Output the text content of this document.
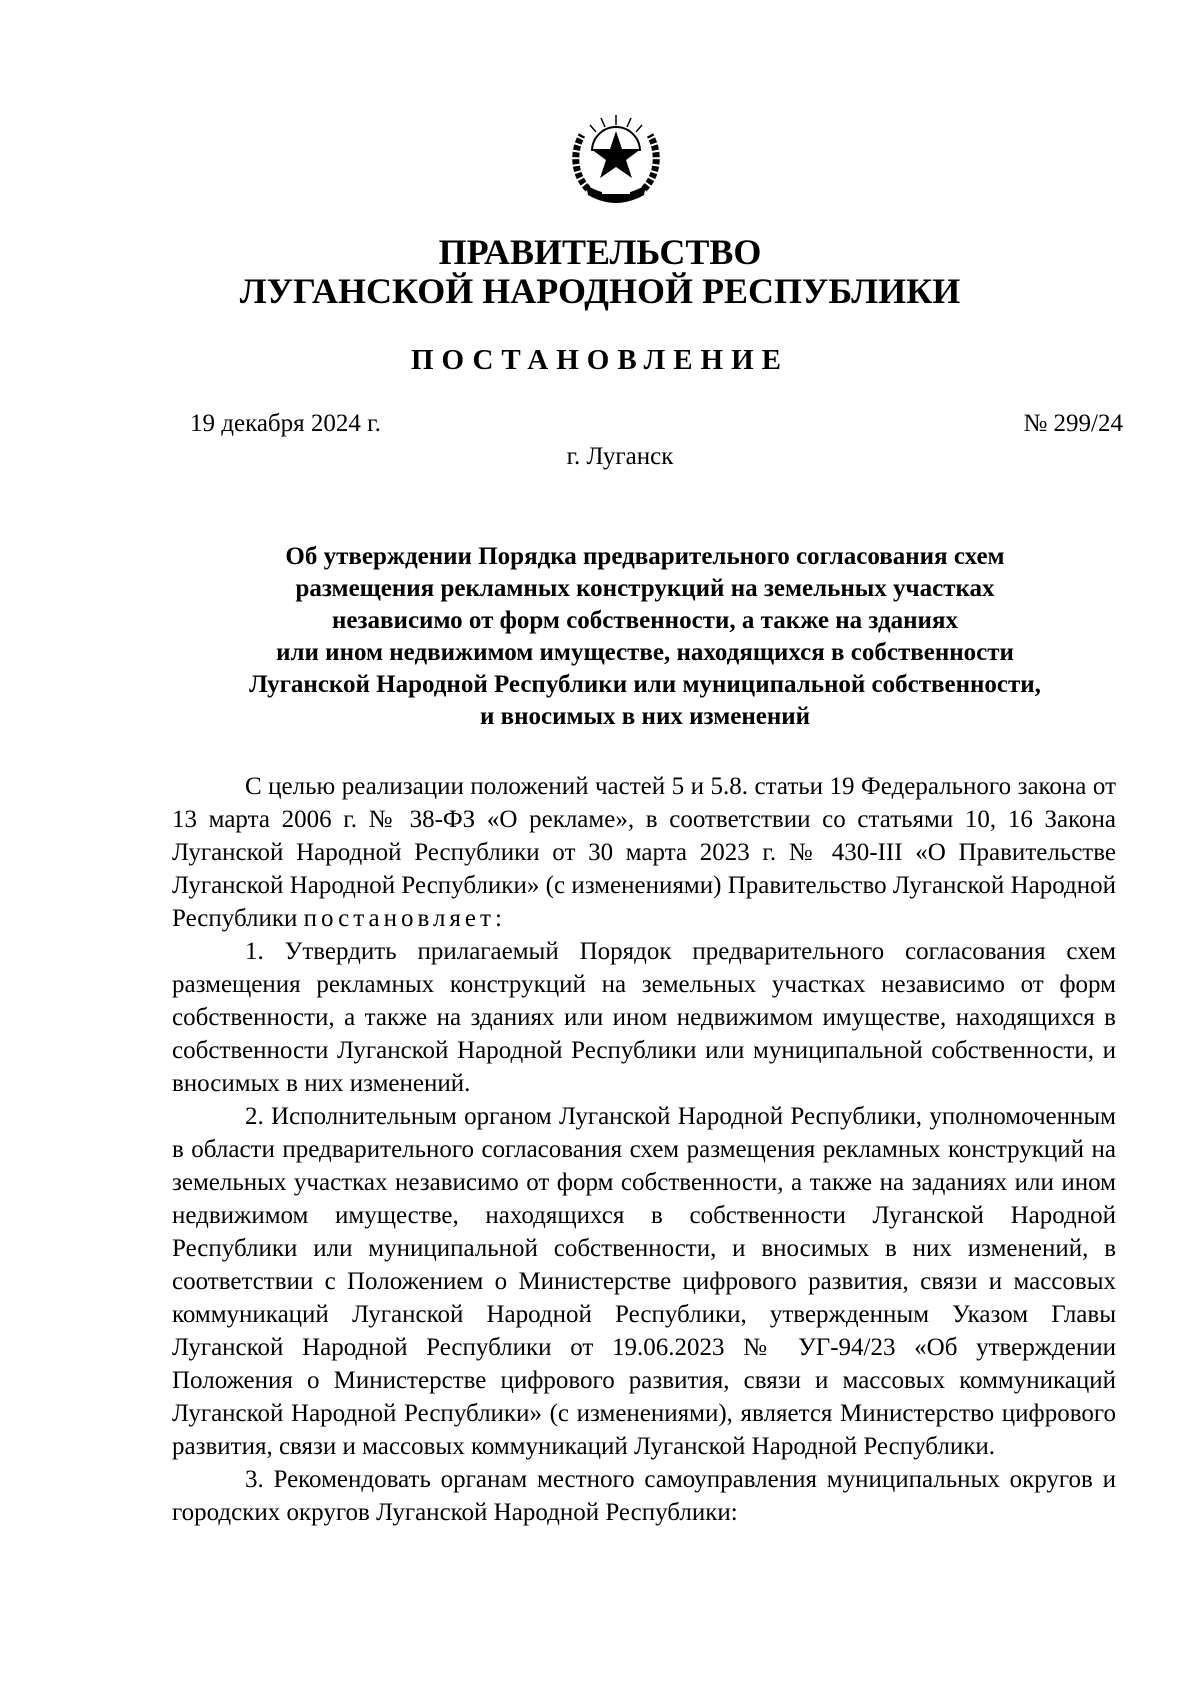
ПРАВИТЕЛЬСТВО
ЛУГАНСКОЙ НАРОДНОЙ РЕСПУБЛИКИ
ПОСТАНОВЛЕНИЕ
19 декабря 2024 г.	№ 299/24
г. Луганск
Об утверждении Порядка предварительного согласования схем
размещения рекламных конструкций на земельных участках
независимо от форм собственности, а также на зданиях
или ином недвижимом имуществе, находящихся в собственности
Луганской Народной Республики или муниципальной собственности,
и вносимых в них изменений

С целью реализации положений частей 5 и 5.8. статьи 19 Федерального закона от 13 марта 2006 г. № 38-ФЗ «О рекламе», в соответствии со статьями 10, 16 Закона Луганской Народной Республики от 30 марта 2023 г. № 430-III «О Правительстве Луганской Народной Республики» (с изменениями) Правительство Луганской Народной Республики постановляет:

1. Утвердить прилагаемый Порядок предварительного согласования схем размещения рекламных конструкций на земельных участках независимо от форм собственности, а также на зданиях или ином недвижимом имуществе, находящихся в собственности Луганской Народной Республики или муниципальной собственности, и вносимых в них изменений.

2. Исполнительным органом Луганской Народной Республики, уполномоченным в области предварительного согласования схем размещения рекламных конструкций на земельных участках независимо от форм собственности, а также на заданиях или ином недвижимом имуществе, находящихся в собственности Луганской Народной Республики или муниципальной собственности, и вносимых в них изменений, в соответствии с Положением о Министерстве цифрового развития, связи и массовых коммуникаций Луганской Народной Республики, утвержденным Указом Главы Луганской Народной Республики от 19.06.2023 № УГ-94/23 «Об утверждении Положения о Министерстве цифрового развития, связи и массовых коммуникаций Луганской Народной Республики» (с изменениями), является Министерство цифрового развития, связи и массовых коммуникаций Луганской Народной Республики.

3. Рекомендовать органам местного самоуправления муниципальных округов и городских округов Луганской Народной Республики:
